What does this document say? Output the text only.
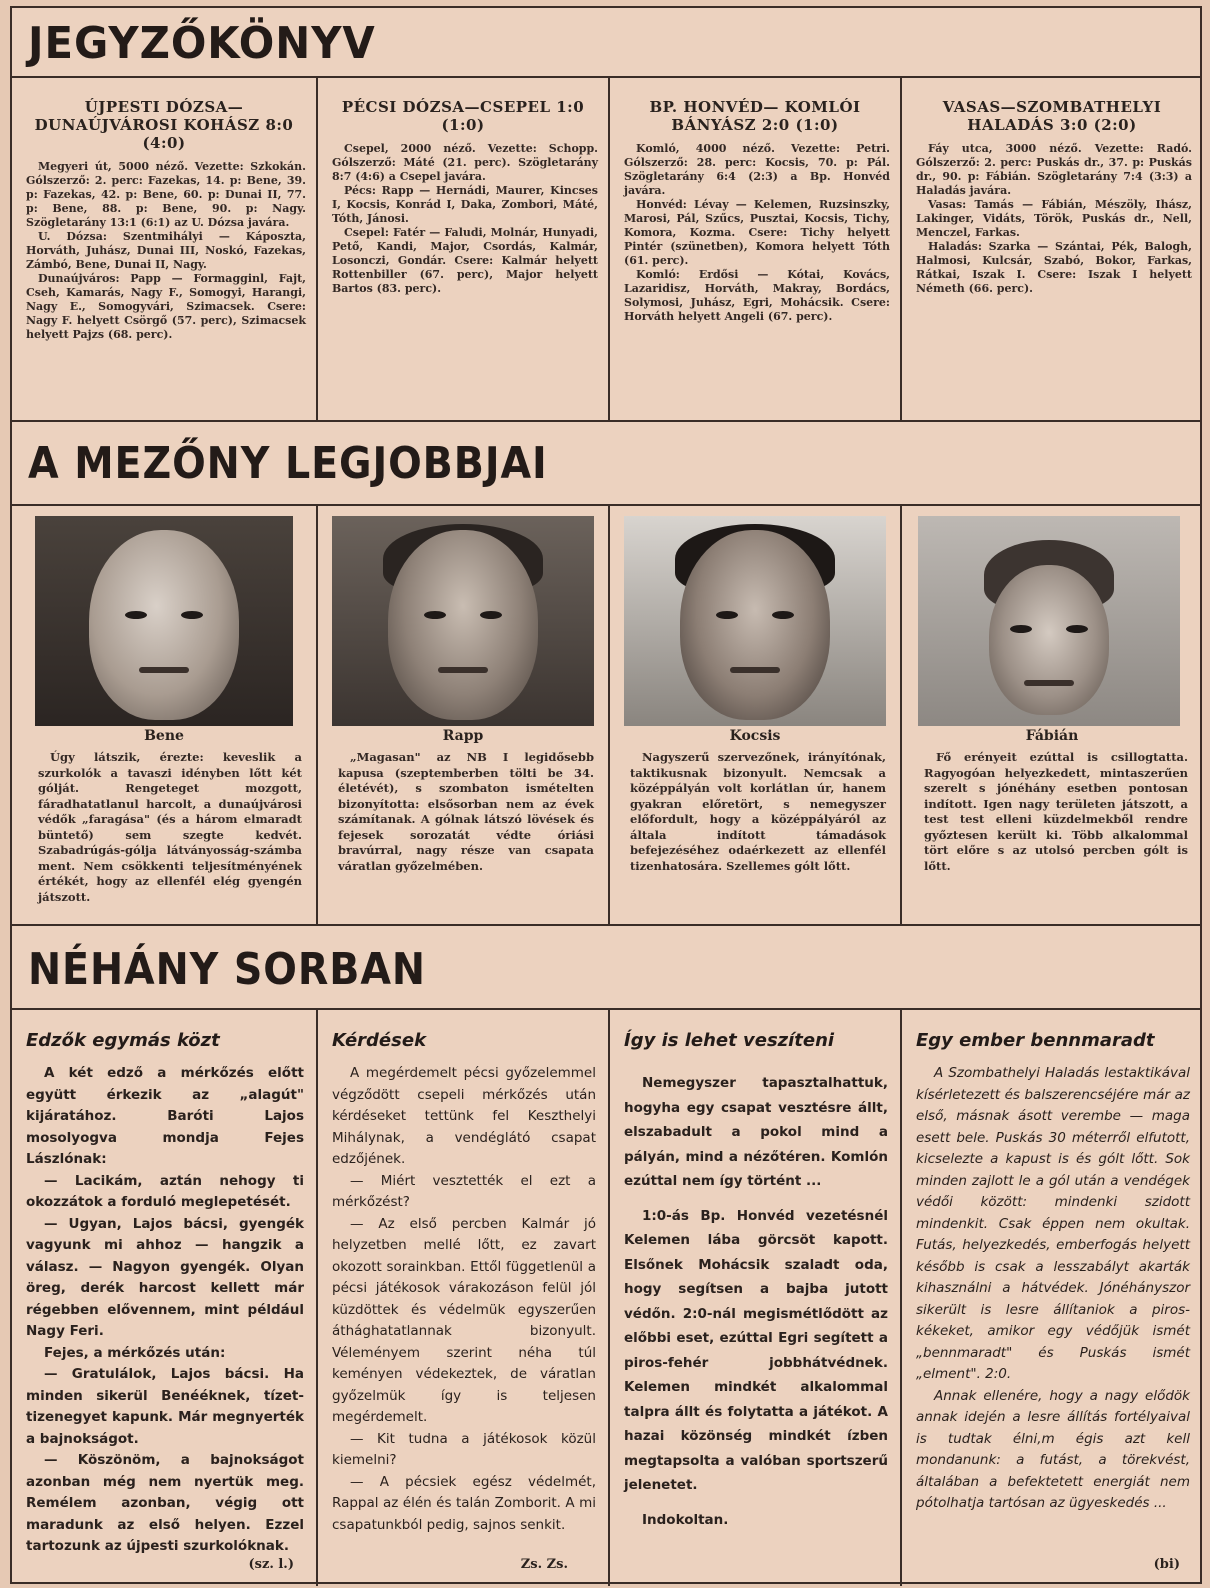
JEGYZŐKÖNYV
ÚJPESTI DÓZSA— DUNAÚJVÁROSI KOHÁSZ 8:0 (4:0)

Megyeri út, 5000 néző. Vezette: Szkokán. Gólszerző: 2. perc: Fazekas, 14. p: Bene, 39. p: Fazekas, 42. p: Bene, 60. p: Dunai II, 77. p: Bene, 88. p: Bene, 90. p: Nagy. Szögletarány 13:1 (6:1) az U. Dózsa javára.

U. Dózsa: Szentmihályi — Káposzta, Horváth, Juhász, Dunai III, Noskó, Fazekas, Zámbó, Bene, Dunai II, Nagy.

Dunaújváros: Papp — Formagginl, Fajt, Cseh, Kamarás, Nagy F., Somogyi, Harangi, Nagy E., Somogyvári, Szimacsek. Csere: Nagy F. helyett Csörgő (57. perc), Szimacsek helyett Pajzs (68. perc).

PÉCSI DÓZSA—CSEPEL 1:0 (1:0)

Csepel, 2000 néző. Vezette: Schopp. Gólszerző: Máté (21. perc). Szögletarány 8:7 (4:6) a Csepel javára.

Pécs: Rapp — Hernádi, Maurer, Kincses I, Kocsis, Konrád I, Daka, Zombori, Máté, Tóth, Jánosi.

Csepel: Fatér — Faludi, Molnár, Hunyadi, Pető, Kandi, Major, Csordás, Kalmár, Losonczi, Gondár. Csere: Kalmár helyett Rottenbiller (67. perc), Major helyett Bartos (83. perc).

BP. HONVÉD— KOMLÓI BÁNYÁSZ 2:0 (1:0)

Komló, 4000 néző. Vezette: Petri. Gólszerző: 28. perc: Kocsis, 70. p: Pál. Szögletarány 6:4 (2:3) a Bp. Honvéd javára.

Honvéd: Lévay — Kelemen, Ruzsinszky, Marosi, Pál, Szűcs, Pusztai, Kocsis, Tichy, Komora, Kozma. Csere: Tichy helyett Pintér (szünetben), Komora helyett Tóth (61. perc).

Komló: Erdősi — Kótai, Kovács, Lazaridisz, Horváth, Makray, Bordács, Solymosi, Juhász, Egri, Mohácsik. Csere: Horváth helyett Angeli (67. perc).

VASAS—SZOMBATHELYI HALADÁS 3:0 (2:0)

Fáy utca, 3000 néző. Vezette: Radó. Gólszerző: 2. perc: Puskás dr., 37. p: Puskás dr., 90. p: Fábián. Szögletarány 7:4 (3:3) a Haladás javára.

Vasas: Tamás — Fábián, Mészöly, Ihász, Lakinger, Vidáts, Török, Puskás dr., Nell, Menczel, Farkas.

Haladás: Szarka — Szántai, Pék, Balogh, Halmosi, Kulcsár, Szabó, Bokor, Farkas, Rátkai, Iszak I. Csere: Iszak I helyett Németh (66. perc).

A MEZŐNY LEGJOBBJAI
Bene
Úgy látszik, érezte: keveslik a szurkolók a tavaszi idényben lőtt két gólját. Rengeteget mozgott, fáradhatatlanul harcolt, a dunaújvárosi védők „faragása" (és a három elmaradt büntető) sem szegte kedvét. Szabadrúgás-gólja látványosság-számba ment. Nem csökkenti teljesítményének értékét, hogy az ellenfél elég gyengén játszott.
Rapp
„Magasan" az NB I legidősebb kapusa (szeptemberben tölti be 34. életévét), s szombaton ismételten bizonyította: elsősorban nem az évek számítanak. A gólnak látszó lövések és fejesek sorozatát védte óriási bravúrral, nagy része van csapata váratlan győzelmében.
Kocsis
Nagyszerű szervezőnek, irányítónak, taktikusnak bizonyult. Nemcsak a középpályán volt korlátlan úr, hanem gyakran előretört, s nemegyszer előfordult, hogy a középpályáról az általa indított támadások befejezéséhez odaérkezett az ellenfél tizenhatosára. Szellemes gólt lőtt.
Fábián
Fő erényeit ezúttal is csillogtatta. Ragyogóan helyezkedett, mintaszerűen szerelt s jónéhány esetben pontosan indított. Igen nagy területen játszott, a test test elleni küzdelmekből rendre győztesen került ki. Több alkalommal tört előre s az utolsó percben gólt is lőtt.
NÉHÁNY SORBAN
Edzők egymás közt

A két edző a mérkőzés előtt együtt érkezik az „alagút" kijáratához. Baróti Lajos mosolyogva mondja Fejes Lászlónak:

— Lacikám, aztán nehogy ti okozzátok a forduló meglepetését.

— Ugyan, Lajos bácsi, gyengék vagyunk mi ahhoz — hangzik a válasz. — Nagyon gyengék. Olyan öreg, derék harcost kellett már régebben elővennem, mint például Nagy Feri.

Fejes, a mérkőzés után:

— Gratulálok, Lajos bácsi. Ha minden sikerül Benééknek, tízet-tizenegyet kapunk. Már megnyerték a bajnokságot.

— Köszönöm, a bajnokságot azonban még nem nyertük meg. Remélem azonban, végig ott maradunk az első helyen. Ezzel tartozunk az újpesti szurkolóknak.

(sz. l.)
Kérdések

A megérdemelt pécsi győzelemmel végződött csepeli mérkőzés után kérdéseket tettünk fel Keszthelyi Mihálynak, a vendéglátó csapat edzőjének.

— Miért vesztették el ezt a mérkőzést?

— Az első percben Kalmár jó helyzetben mellé lőtt, ez zavart okozott sorainkban. Ettől függetlenül a pécsi játékosok várakozáson felül jól küzdöttek és védelmük egyszerűen áthághatatlannak bizonyult. Véleményem szerint néha túl keményen védekeztek, de váratlan győzelmük így is teljesen megérdemelt.

— Kit tudna a játékosok közül kiemelni?

— A pécsiek egész védelmét, Rappal az élén és talán Zomborit. A mi csapatunkból pedig, sajnos senkit.

Zs. Zs.
Így is lehet veszíteni

Nemegyszer tapasztalhattuk, hogyha egy csapat vesztésre állt, elszabadult a pokol mind a pályán, mind a nézőtéren. Komlón ezúttal nem így történt ...

1:0-ás Bp. Honvéd vezetésnél Kelemen lába görcsöt kapott. Elsőnek Mohácsik szaladt oda, hogy segítsen a bajba jutott védőn. 2:0-nál megismétlődött az előbbi eset, ezúttal Egri segített a piros-fehér jobbhátvédnek. Kelemen mindkét alkalommal talpra állt és folytatta a játékot. A hazai közönség mindkét ízben megtapsolta a valóban sportszerű jelenetet.

Indokoltan.

Egy ember bennmaradt

A Szombathelyi Haladás lestaktikával kísérletezett és balszerencséjére már az első, másnak ásott verembe — maga esett bele. Puskás 30 méterről elfutott, kicselezte a kapust is és gólt lőtt. Sok minden zajlott le a gól után a vendégek védői között: mindenki szidott mindenkit. Csak éppen nem okultak. Futás, helyezkedés, emberfogás helyett később is csak a lesszabályt akarták kihasználni a hátvédek. Jónéhányszor sikerült is lesre állítaniok a piros-kékeket, amikor egy védőjük ismét „bennmaradt" és Puskás ismét „elment". 2:0.

Annak ellenére, hogy a nagy elődök annak idején a lesre állítás fortélyaival is tudtak élni,m égis azt kell mondanunk: a futást, a törekvést, általában a befektetett energiát nem pótolhatja tartósan az ügyeskedés ...

(bi)
